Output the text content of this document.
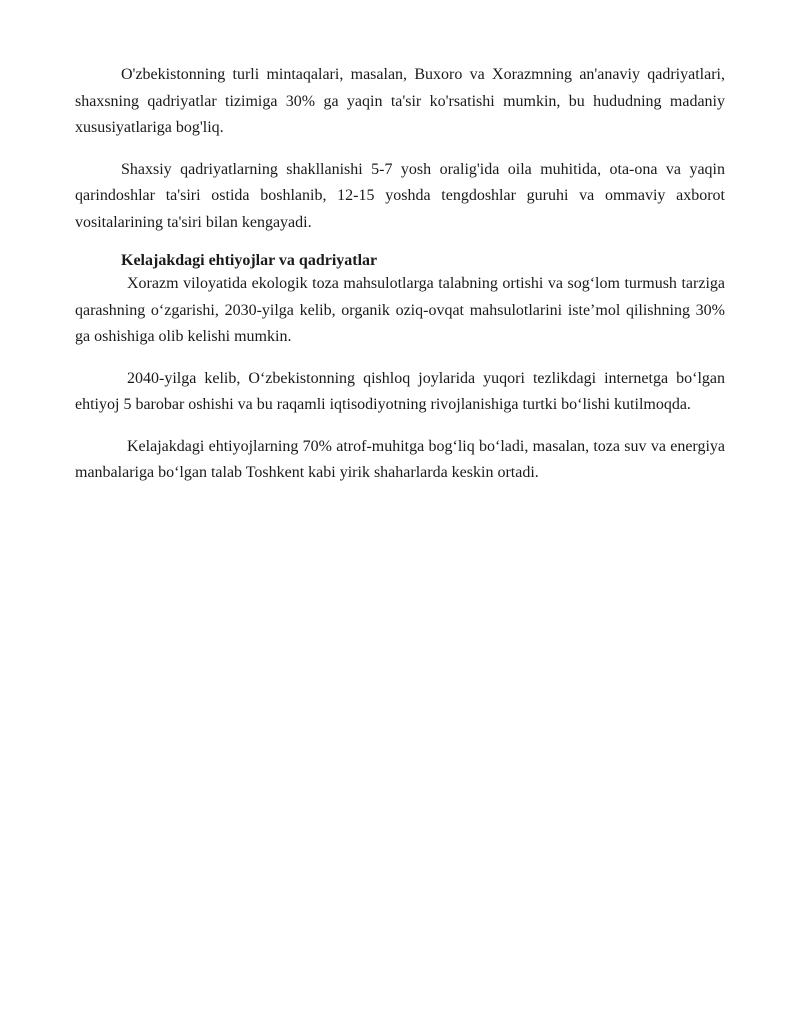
O'zbekistonning turli mintaqalari, masalan, Buxoro va Xorazmning an'anaviy qadriyatlari, shaxsning qadriyatlar tizimiga 30% ga yaqin ta'sir ko'rsatishi mumkin, bu hududning madaniy xususiyatlariga bog'liq.

Shaxsiy qadriyatlarning shakllanishi 5-7 yosh oralig'ida oila muhitida, ota-ona va yaqin qarindoshlar ta'siri ostida boshlanib, 12-15 yoshda tengdoshlar guruhi va ommaviy axborot vositalarining ta'siri bilan kengayadi.

Kelajakdagi ehtiyojlar va qadriyatlar

Xorazm viloyatida ekologik toza mahsulotlarga talabning ortishi va sog‘lom turmush tarziga qarashning o‘zgarishi, 2030-yilga kelib, organik oziq-ovqat mahsulotlarini iste’mol qilishning 30% ga oshishiga olib kelishi mumkin.

2040-yilga kelib, O‘zbekistonning qishloq joylarida yuqori tezlikdagi internetga bo‘lgan ehtiyoj 5 barobar oshishi va bu raqamli iqtisodiyotning rivojlanishiga turtki bo‘lishi kutilmoqda.

Kelajakdagi ehtiyojlarning 70% atrof-muhitga bog‘liq bo‘ladi, masalan, toza suv va energiya manbalariga bo‘lgan talab Toshkent kabi yirik shaharlarda keskin ortadi.
